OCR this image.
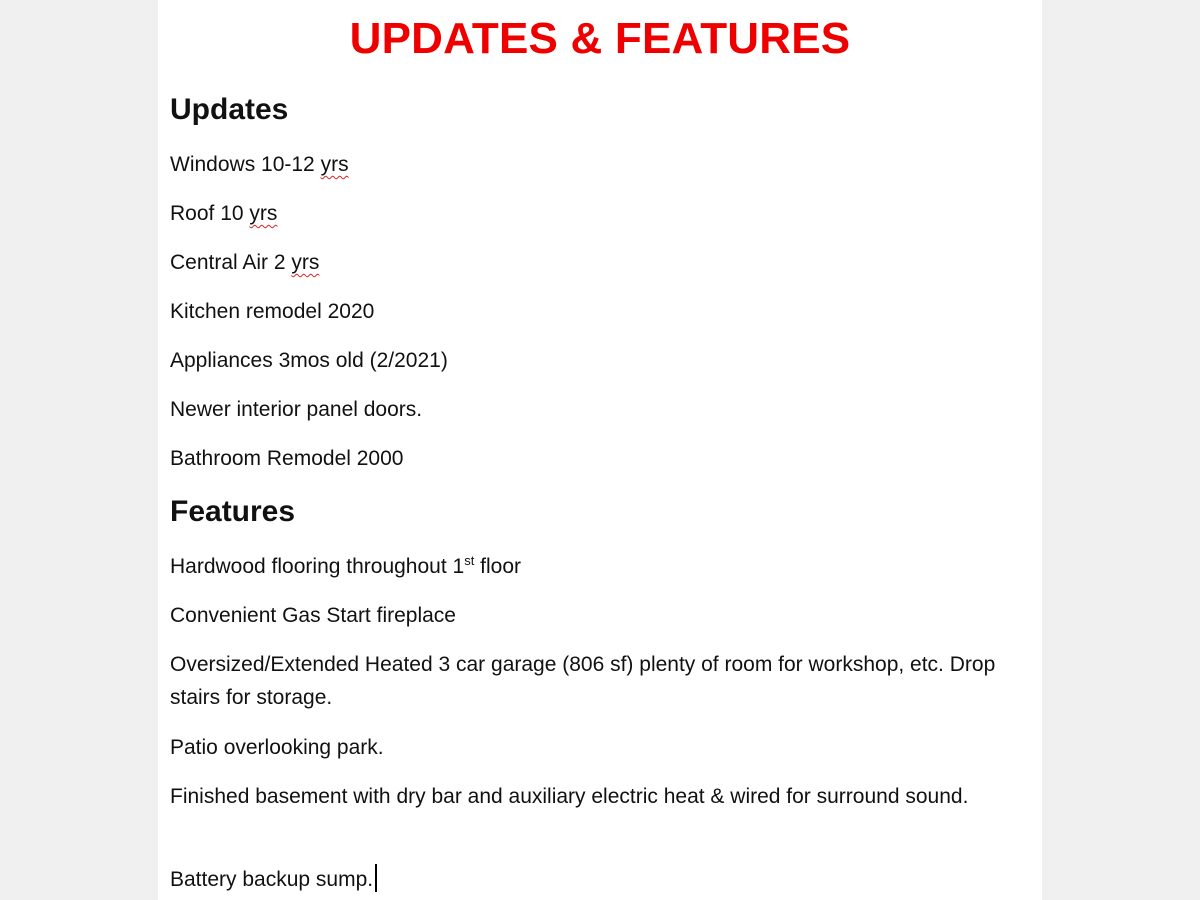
UPDATES & FEATURES
Updates

Windows 10-12 yrs

Roof 10 yrs

Central Air 2 yrs

Kitchen remodel 2020

Appliances 3mos old (2/2021)

Newer interior panel doors.

Bathroom Remodel 2000

Features

Hardwood flooring throughout 1st floor

Convenient Gas Start fireplace

Oversized/Extended Heated 3 car garage (806 sf) plenty of room for workshop, etc. Drop stairs for storage.

Patio overlooking park.

Finished basement with dry bar and auxiliary electric heat & wired for surround sound.

Battery backup sump.
